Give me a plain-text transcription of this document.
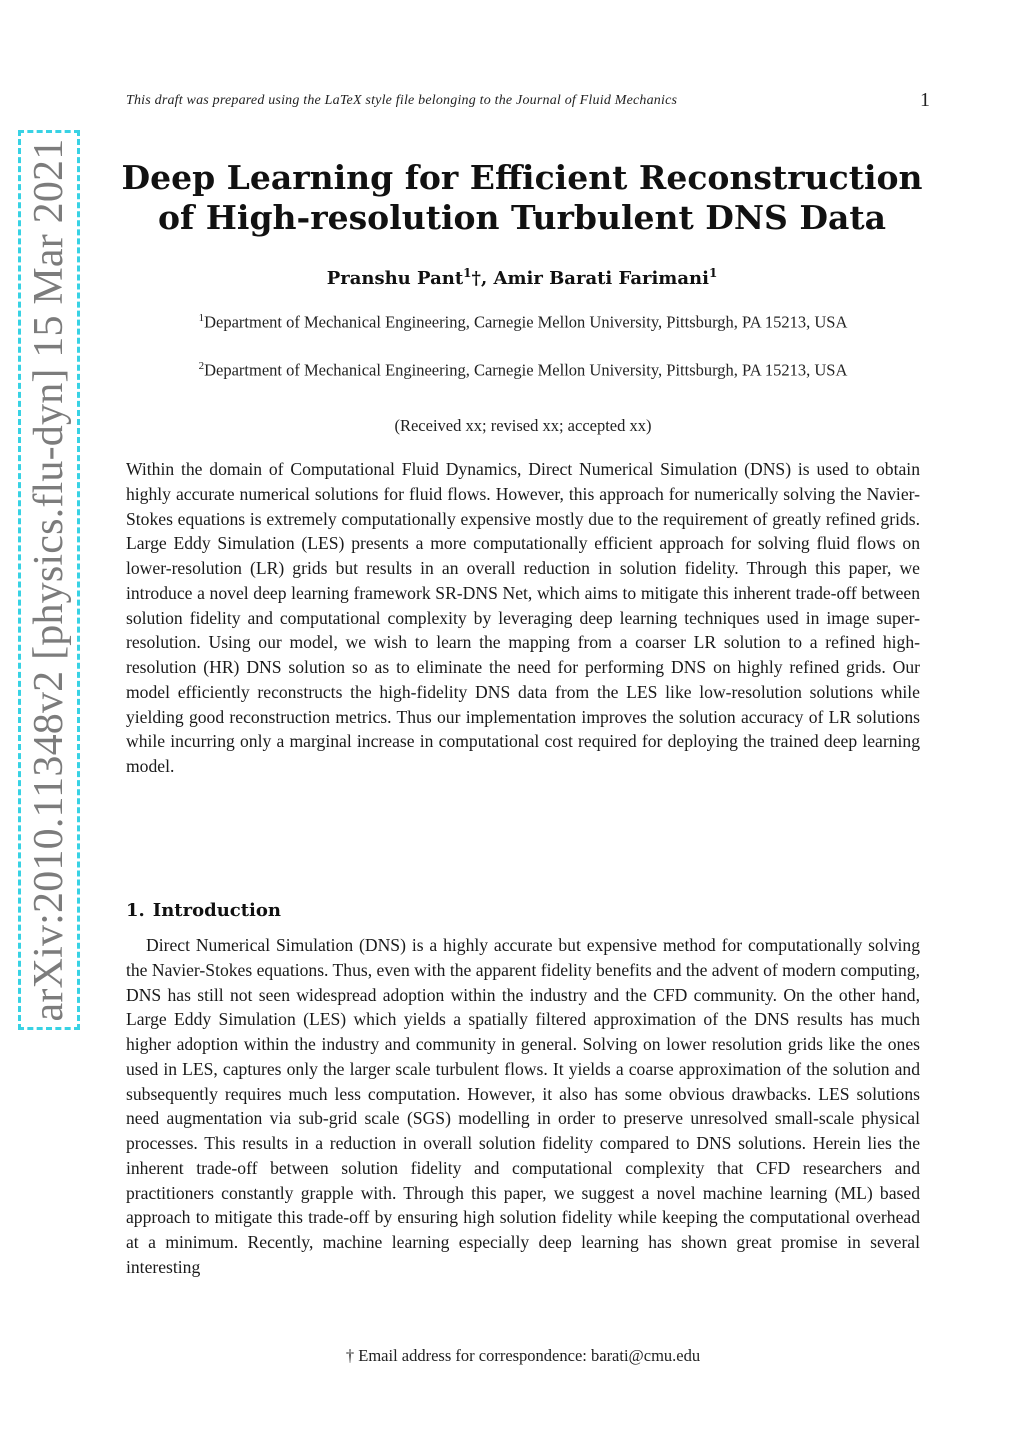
This draft was prepared using the LaTeX style file belonging to the Journal of Fluid Mechanics	1
arXiv:2010.11348v2 [physics.flu-dyn] 15 Mar 2021	Deep Learning for Efficient Reconstruction
of High-resolution Turbulent DNS Data
Pranshu Pant$^1$†, Amir Barati Farimani$^1$
$^1$Department of Mechanical Engineering, Carnegie Mellon University, Pittsburgh, PA 15213, USA
$^2$Department of Mechanical Engineering, Carnegie Mellon University, Pittsburgh, PA 15213, USA
(Received xx; revised xx; accepted xx)

Within the domain of Computational Fluid Dynamics, Direct Numerical Simulation (DNS) is used to obtain highly accurate numerical solutions for fluid flows. However, this approach for numerically solving the Navier-Stokes equations is extremely computationally expensive mostly due to the requirement of greatly refined grids. Large Eddy Simulation (LES) presents a more computationally efficient approach for solving fluid flows on lower-resolution (LR) grids but results in an overall reduction in solution fidelity. Through this paper, we introduce a novel deep learning framework SR-DNS Net, which aims to mitigate this inherent trade-off between solution fidelity and computational complexity by leveraging deep learning techniques used in image super-resolution. Using our model, we wish to learn the mapping from a coarser LR solution to a refined highresolution (HR) DNS solution so as to eliminate the need for performing DNS on highly refined grids. Our model efficiently reconstructs the high-fidelity DNS data from the LES like low-resolution solutions while yielding good reconstruction metrics. Thus our implementation improves the solution accuracy of LR solutions while incurring only a marginal increase in computational cost required for deploying the trained deep learning model.

1. Introduction

Direct Numerical Simulation (DNS) is a highly accurate but expensive method for computationally solving the Navier-Stokes equations. Thus, even with the apparent fidelity benefits and the advent of modern computing, DNS has still not seen widespread adoption within the industry and the CFD community. On the other hand, Large Eddy Simulation (LES) which yields a spatially filtered approximation of the DNS results has much higher adoption within the industry and community in general. Solving on lower resolution grids like the ones used in LES, captures only the larger scale turbulent flows. It yields a coarse approximation of the solution and subsequently requires much less computation. However, it also has some obvious drawbacks. LES solutions need augmentation via sub-grid scale (SGS) modelling in order to preserve unresolved small-scale physical processes. This results in a reduction in overall solution fidelity compared to DNS solutions. Herein lies the inherent trade-off between solution fidelity and computational complexity that CFD researchers and practitioners constantly grapple with. Through this paper, we suggest a novel machine learning (ML) based approach to mitigate this trade-off by ensuring high solution fidelity while keeping the computational overhead at a minimum. Recently, machine learning especially deep learning has shown great promise in several interesting

† Email address for correspondence: barati@cmu.edu
